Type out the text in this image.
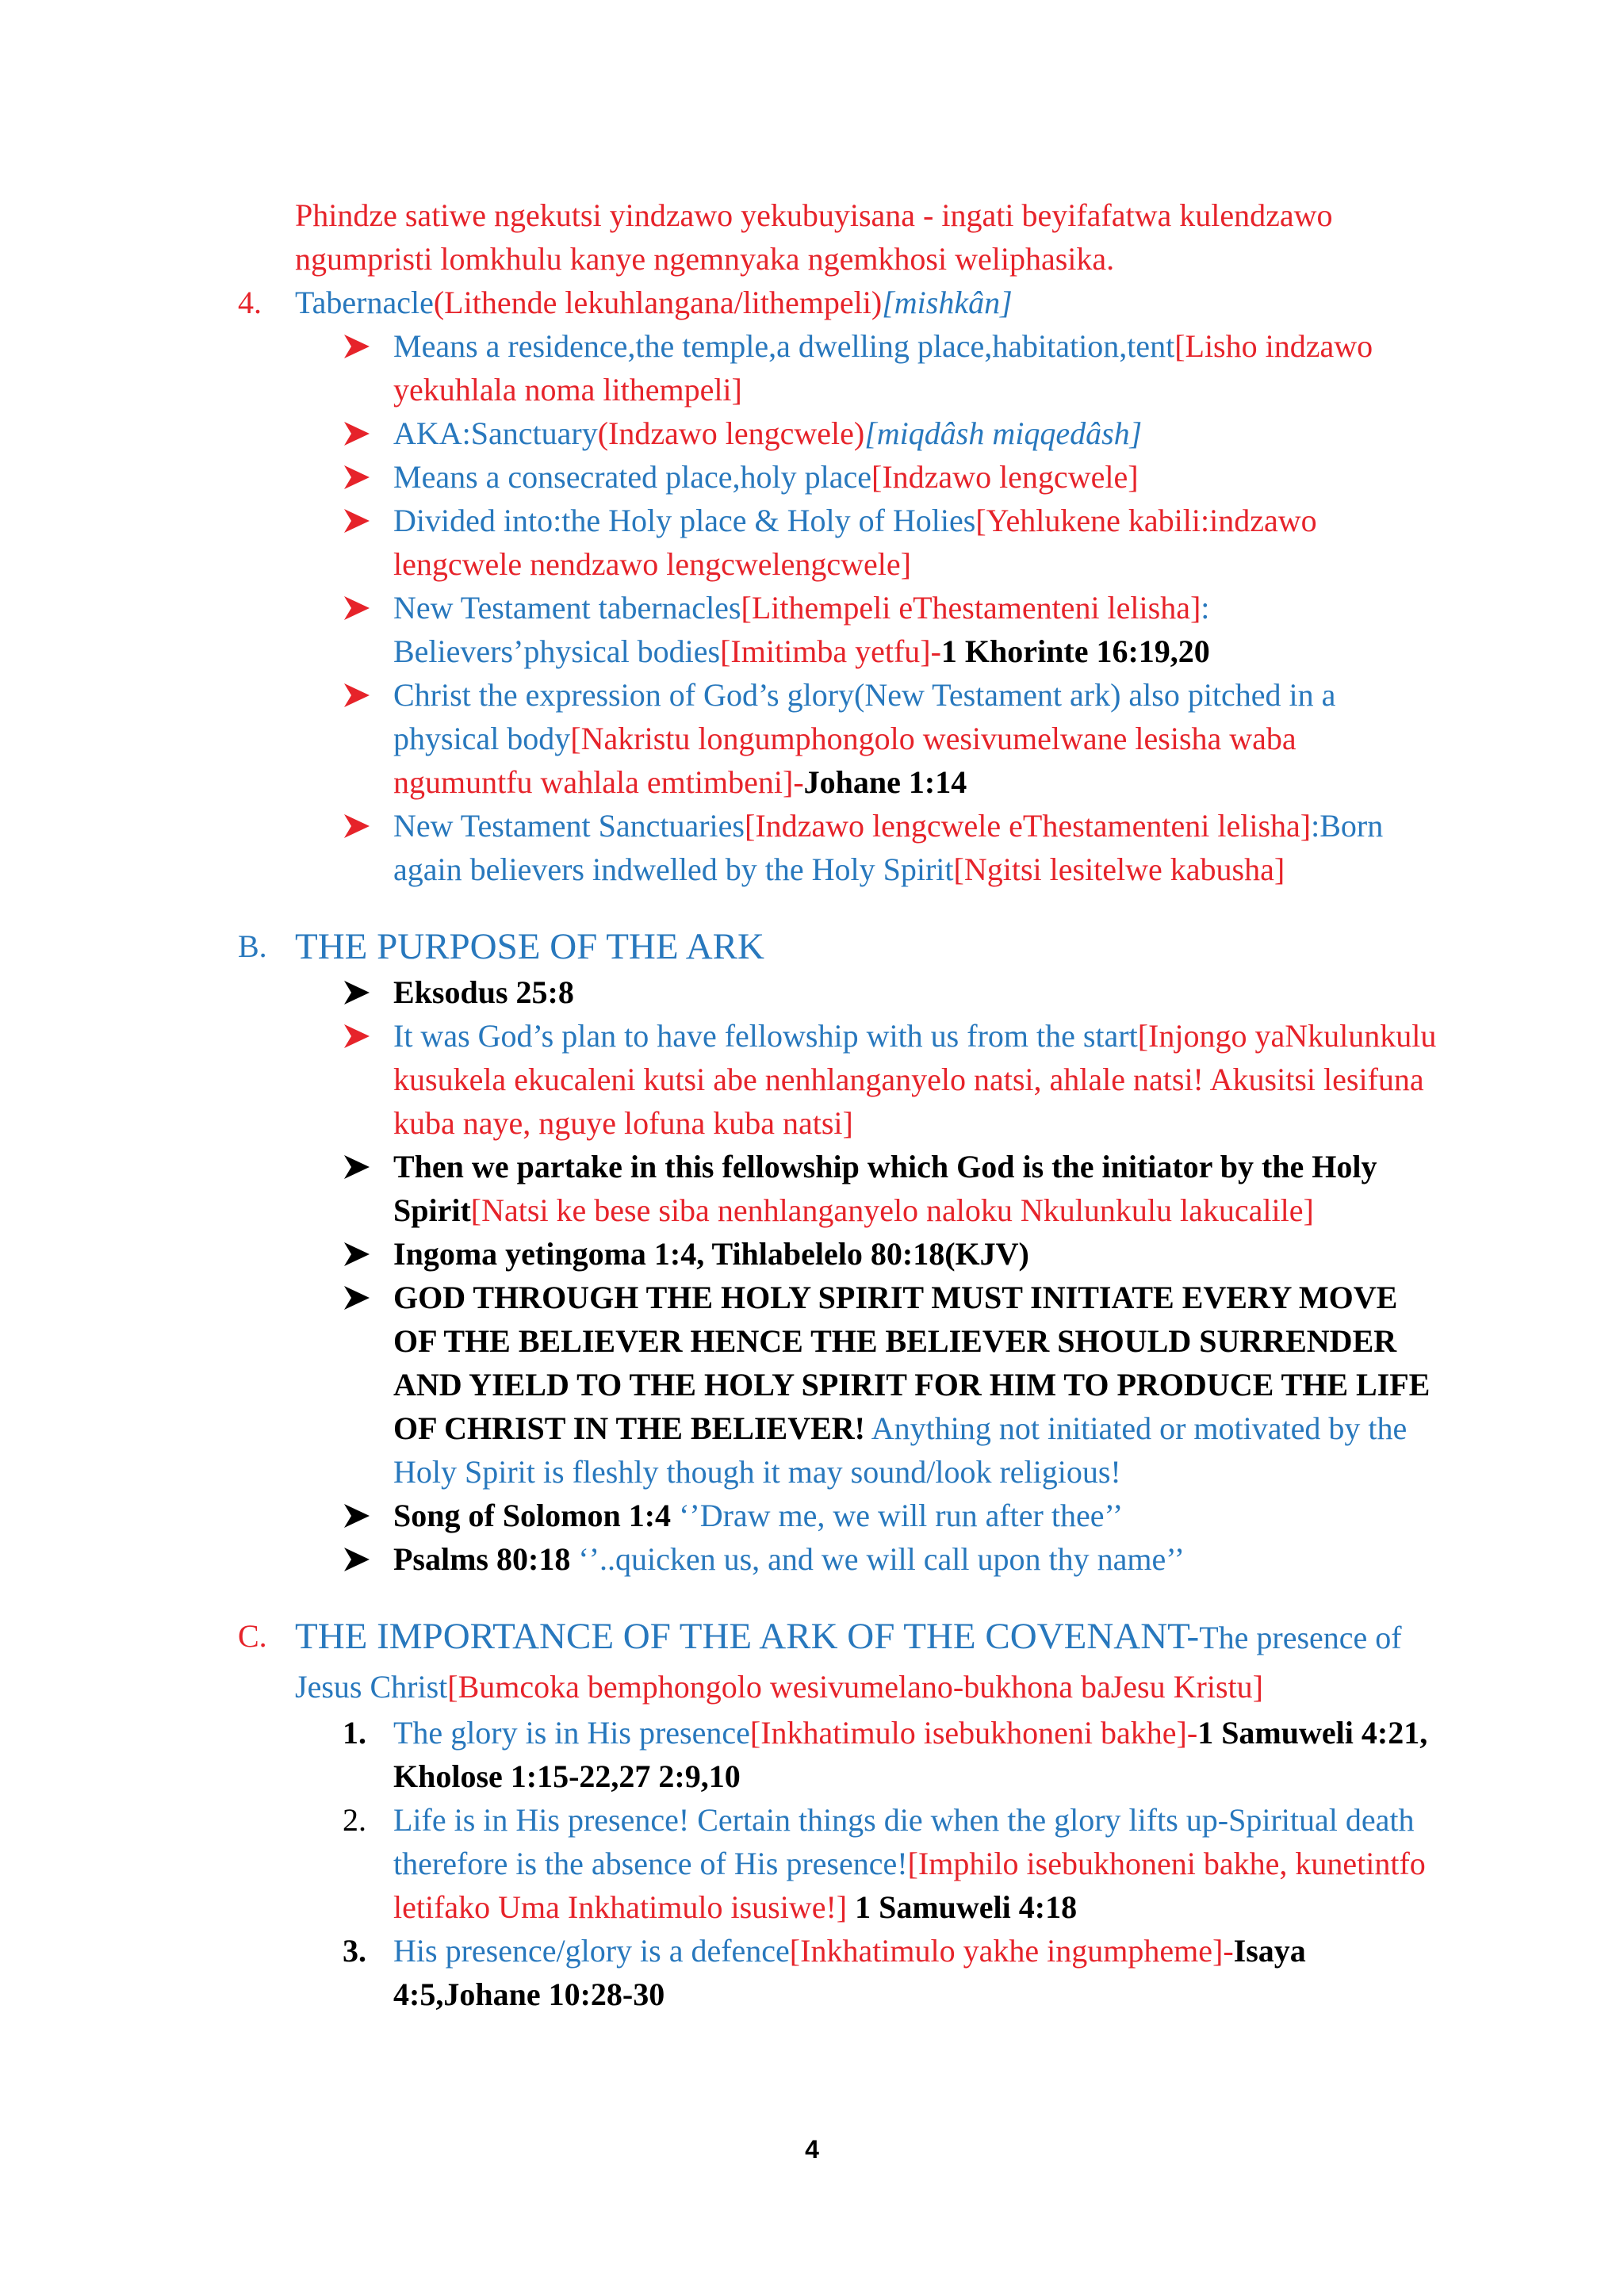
Phindze satiwe ngekutsi yindzawo yekubuyisana - ingati beyifafatwa kulendzawo ngumpristi lomkhulu kanye ngemnyaka ngemkhosi weliphasika.

4. Tabernacle(Lithende lekuhlangana/lithempeli)[mishkân]
Means a residence,the temple,a dwelling place,habitation,tent[Lisho indzawo yekuhlala noma lithempeli]
AKA:Sanctuary(Indzawo lengcwele)[miqdâsh miqqedâsh]
Means a consecrated place,holy place[Indzawo lengcwele]
Divided into:the Holy place & Holy of Holies[Yehlukene kabili:indzawo lengcwele nendzawo lengcwelengcwele]
New Testament tabernacles[Lithempeli eThestamenteni lelisha]: Believers’physical bodies[Imitimba yetfu]-1 Khorinte 16:19,20
Christ the expression of God’s glory(New Testament ark) also pitched in a physical body[Nakristu longumphongolo wesivumelwane lesisha waba ngumuntfu wahlala emtimbeni]-Johane 1:14
New Testament Sanctuaries[Indzawo lengcwele eThestamenteni lelisha]:Born again believers indwelled by the Holy Spirit[Ngitsi lesitelwe kabusha]
B. THE PURPOSE OF THE ARK
Eksodus 25:8
It was God’s plan to have fellowship with us from the start[Injongo yaNkulunkulu kusukela ekucaleni kutsi abe nenhlanganyelo natsi, ahlale natsi! Akusitsi lesifuna kuba naye, nguye lofuna kuba natsi]
Then we partake in this fellowship which God is the initiator by the Holy Spirit[Natsi ke bese siba nenhlanganyelo naloku Nkulunkulu lakucalile]
Ingoma yetingoma 1:4, Tihlabelelo 80:18(KJV)
GOD THROUGH THE HOLY SPIRIT MUST INITIATE EVERY MOVE OF THE BELIEVER HENCE THE BELIEVER SHOULD SURRENDER AND YIELD TO THE HOLY SPIRIT FOR HIM TO PRODUCE THE LIFE OF CHRIST IN THE BELIEVER! Anything not initiated or motivated by the Holy Spirit is fleshly though it may sound/look religious!
Song of Solomon 1:4 ‘’Draw me, we will run after thee’’
Psalms 80:18 ‘’..quicken us, and we will call upon thy name’’
C. THE IMPORTANCE OF THE ARK OF THE COVENANT-The presence of Jesus Christ[Bumcoka bemphongolo wesivumelano-bukhona baJesu Kristu]
1. The glory is in His presence[Inkhatimulo isebukhoneni bakhe]-1 Samuweli 4:21, Kholose 1:15-22,27 2:9,10
2. Life is in His presence! Certain things die when the glory lifts up-Spiritual death therefore is the absence of His presence![Imphilo isebukhoneni bakhe, kunetintfo letifako Uma Inkhatimulo isusiwe!] 1 Samuweli 4:18
3. His presence/glory is a defence[Inkhatimulo yakhe ingumpheme]-Isaya 4:5,Johane 10:28-30
4
